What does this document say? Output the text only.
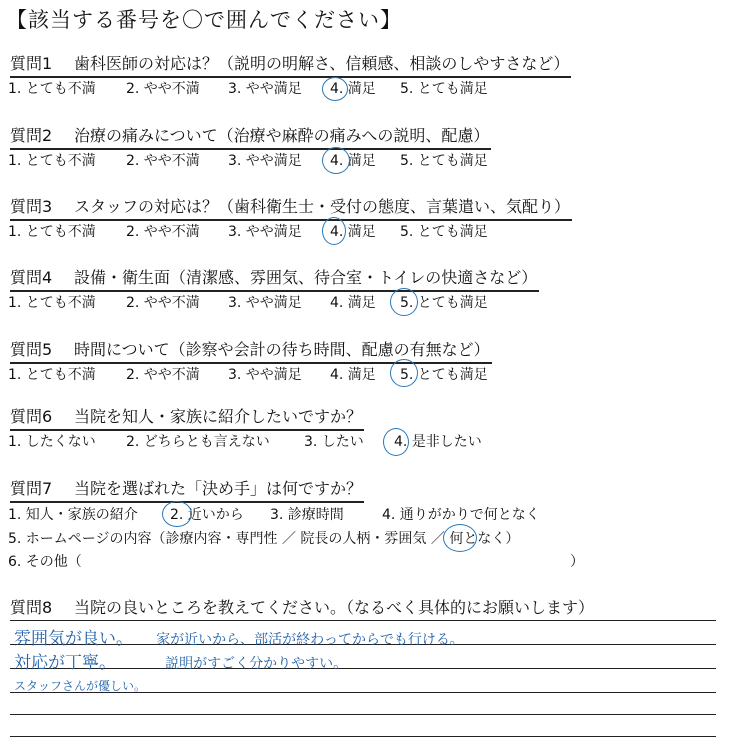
【該当する番号を〇で囲んでください】
質問1 歯科医師の対応は？（説明の明解さ、信頼感、相談のしやすさなど）
1. とても不満 2. やや不満 3. やや満足 4. 満足 5. とても満足
質問2 治療の痛みについて（治療や麻酔の痛みへの説明、配慮）
1. とても不満 2. やや不満 3. やや満足 4. 満足 5. とても満足
質問3 スタッフの対応は？（歯科衛生士・受付の態度、言葉遣い、気配り）
1. とても不満 2. やや不満 3. やや満足 4. 満足 5. とても満足
質問4 設備・衛生面（清潔感、雰囲気、待合室・トイレの快適さなど）
1. とても不満 2. やや不満 3. やや満足 4. 満足 5. とても満足
質問5 時間について（診察や会計の待ち時間、配慮の有無など）
1. とても不満 2. やや不満 3. やや満足 4. 満足 5. とても満足
質問6 当院を知人・家族に紹介したいですか？
1. したくない 2. どちらとも言えない 3. したい 4. 是非したい
質問7 当院を選ばれた「決め手」は何ですか？
1. 知人・家族の紹介 2. 近いから 3. 診療時間	4. 通りがかりで何となく
5. ホームページの内容（診療内容・専門性 ／ 院長の人柄・雰囲気 ／ 何となく）
6. その他（	）
質問8 当院の良いところを教えてください。（なるべく具体的にお願いします）
雰囲気が良い。 家が近いから、部活が終わってからでも行ける。
対応が丁寧。	説明がすごく分かりやすい。
スタッフさんが優しい。
